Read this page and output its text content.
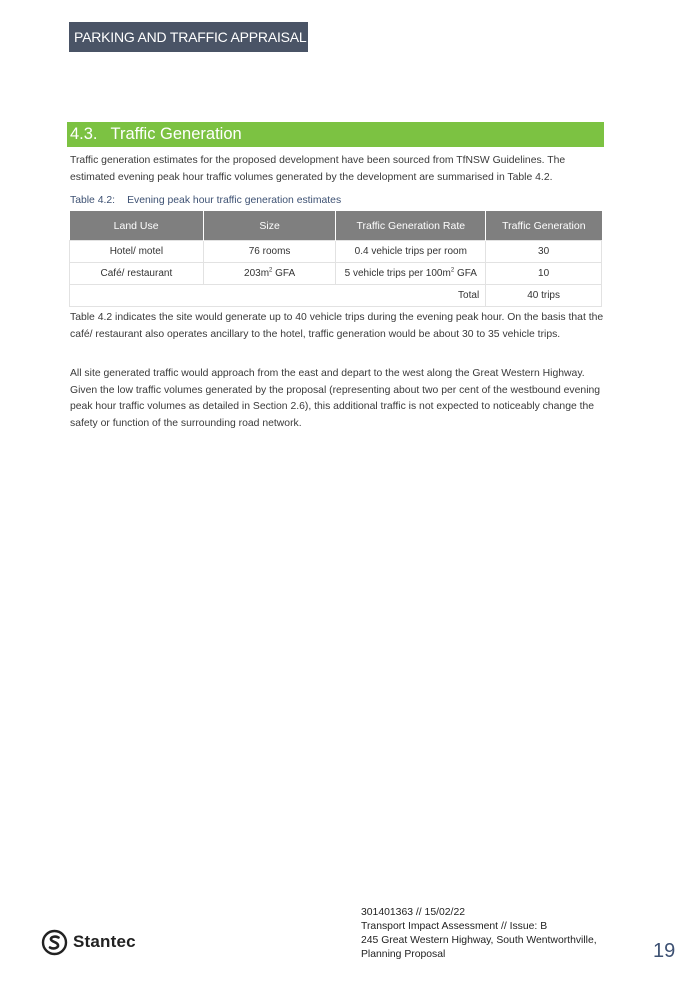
PARKING AND TRAFFIC APPRAISAL
4.3. Traffic Generation

Traffic generation estimates for the proposed development have been sourced from TfNSW Guidelines. The estimated evening peak hour traffic volumes generated by the development are summarised in Table 4.2.

Table 4.2: Evening peak hour traffic generation estimates
Land Use	Size	Traffic Generation Rate	Traffic Generation
Hotel/ motel	76 rooms	0.4 vehicle trips per room	30
Café/ restaurant	$203m^2$ GFA	5 vehicle trips per $100m^2$ GFA	10
Total			40 trips

Table 4.2 indicates the site would generate up to 40 vehicle trips during the evening peak hour. On the basis that the café/ restaurant also operates ancillary to the hotel, traffic generation would be about 30 to 35 vehicle trips.

All site generated traffic would approach from the east and depart to the west along the Great Western Highway. Given the low traffic volumes generated by the proposal (representing about two per cent of the westbound evening peak hour traffic volumes as detailed in Section 2.6), this additional traffic is not expected to noticeably change the safety or function of the surrounding road network.

Stantec
301401363 // 15/02/22
Transport Impact Assessment // Issue: B
245 Great Western Highway, South Wentworthville,
Planning Proposal	19
